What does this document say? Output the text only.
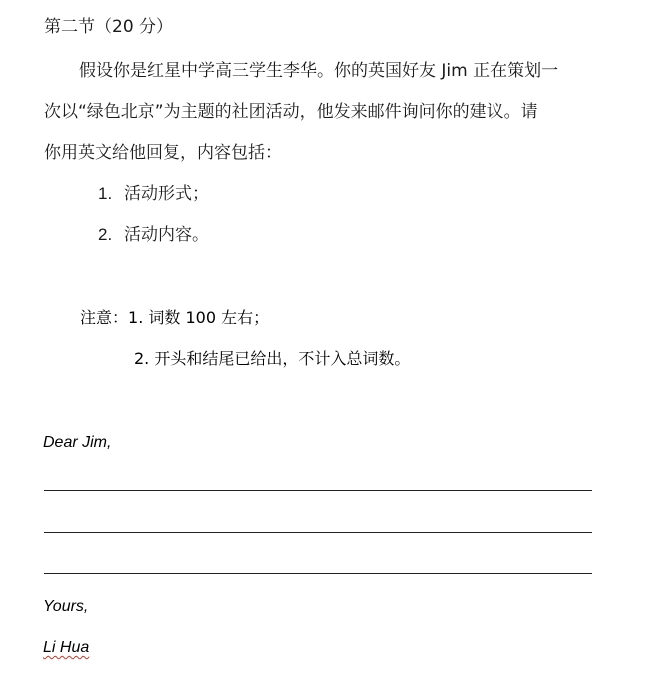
第二节（20 分）
假设你是红星中学高三学生李华。你的英国好友 Jim 正在策划一
次以“绿色北京”为主题的社团活动，他发来邮件询问你的建议。请
你用英文给他回复，内容包括：
1. 活动形式；
2. 活动内容。
注意：1. 词数 100 左右；
2. 开头和结尾已给出，不计入总词数。
Dear Jim,
Yours,
Li Hua
